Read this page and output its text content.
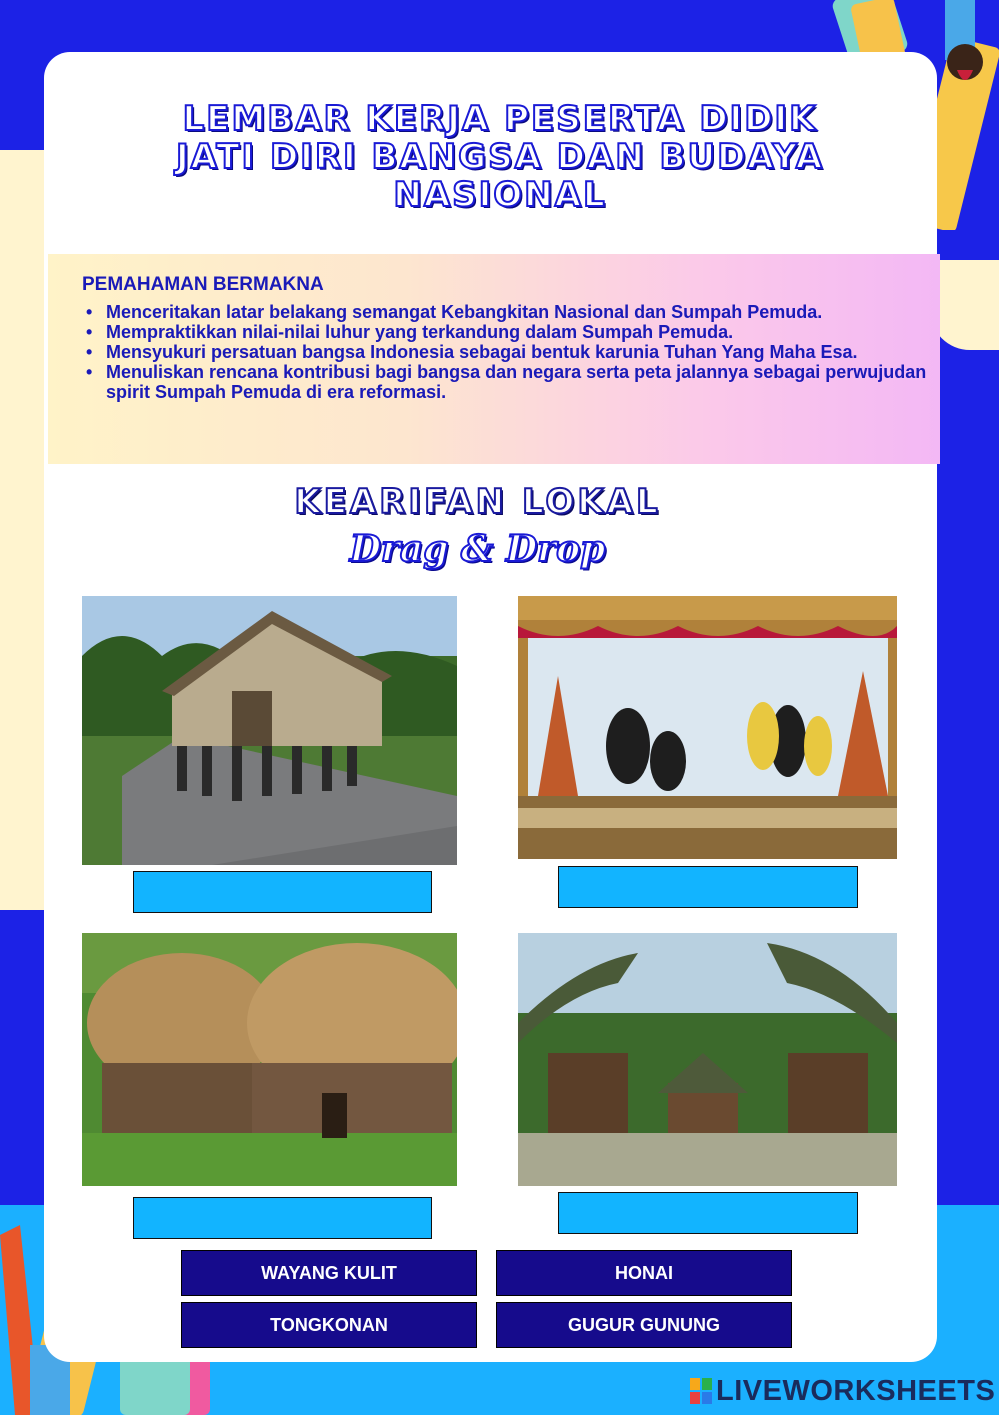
LEMBAR KERJA PESERTA DIDIK
JATI DIRI BANGSA DAN BUDAYA
NASIONAL
PEMAHAMAN BERMAKNA
• Menceritakan latar belakang semangat Kebangkitan Nasional dan Sumpah Pemuda.
• Mempraktikkan nilai-nilai luhur yang terkandung dalam Sumpah Pemuda.
• Mensyukuri persatuan bangsa Indonesia sebagai bentuk karunia Tuhan Yang Maha Esa.
• Menuliskan rencana kontribusi bagi bangsa dan negara serta peta jalannya sebagai perwujudan spirit Sumpah Pemuda di era reformasi.
KEARIFAN LOKAL
Drag & Drop
WAYANG KULIT	HONAI
TONGKONAN	GUGUR GUNUNG
LIVEWORKSHEETS
